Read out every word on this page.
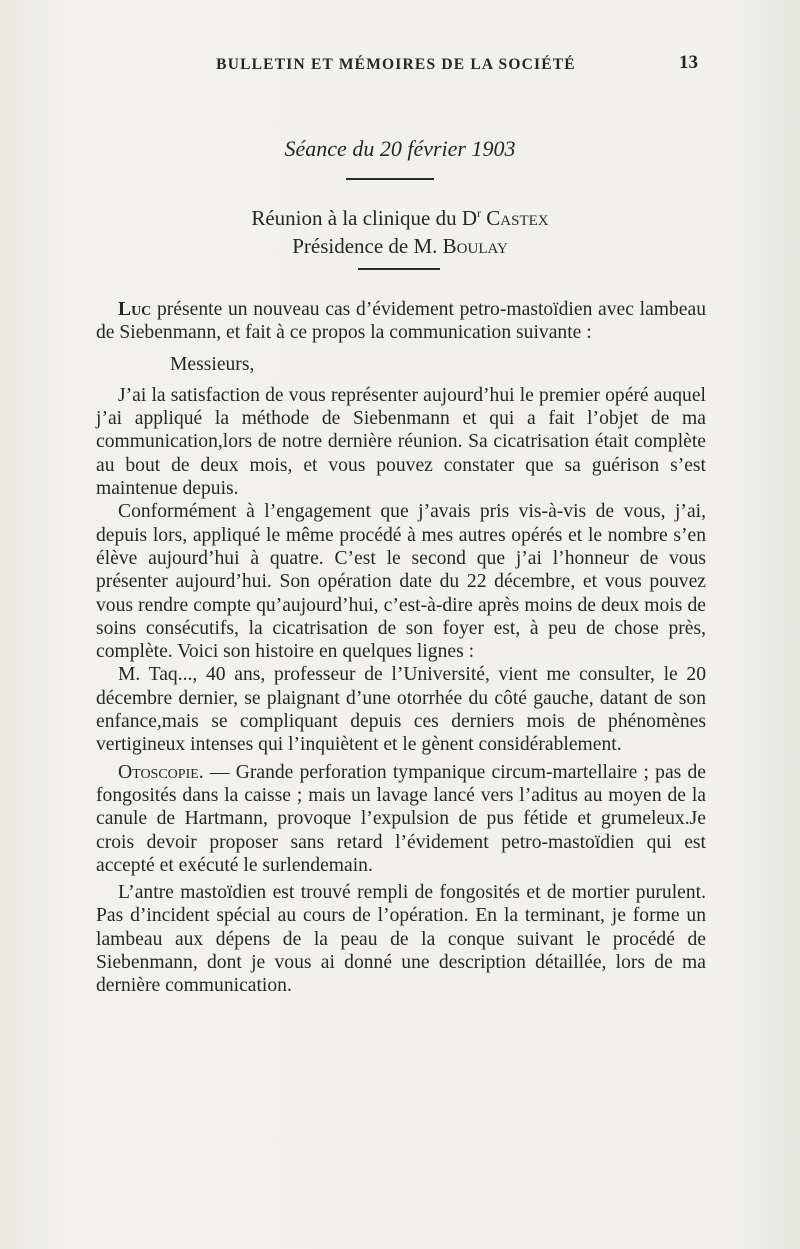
BULLETIN ET MÉMOIRES DE LA SOCIÉTÉ	13
Séance du 20 février 1903
Réunion à la clinique du $D^r$ Castex
Présidence de M. Boulay

Luc présente un nouveau cas d’évidement petro-mastoïdien avec lambeau de Siebenmann, et fait à ce propos la communication suivante :

Messieurs,

J’ai la satisfaction de vous représenter aujourd’hui le premier opéré auquel j’ai appliqué la méthode de Siebenmann et qui a fait l’objet de ma communication,lors de notre dernière réunion. Sa cicatrisation était complète au bout de deux mois, et vous pouvez constater que sa guérison s’est maintenue depuis.

Conformément à l’engagement que j’avais pris vis-à-vis de vous, j’ai, depuis lors, appliqué le même procédé à mes autres opérés et le nombre s’en élève aujourd’hui à quatre. C’est le second que j’ai l’honneur de vous présenter aujourd’hui. Son opération date du 22 décembre, et vous pouvez vous rendre compte qu’aujourd’hui, c’est-à-dire après moins de deux mois de soins consécutifs, la cicatrisation de son foyer est, à peu de chose près, complète. Voici son histoire en quelques lignes :

M. Taq..., 40 ans, professeur de l’Université, vient me consulter, le 20 décembre dernier, se plaignant d’une otorrhée du côté gauche, datant de son enfance,mais se compliquant depuis ces derniers mois de phénomènes vertigineux intenses qui l’inquiètent et le gènent considérablement.

Otoscopie. — Grande perforation tympanique circum-martellaire ; pas de fongosités dans la caisse ; mais un lavage lancé vers l’aditus au moyen de la canule de Hartmann, provoque l’expulsion de pus fétide et grumeleux.Je crois devoir proposer sans retard l’évidement petro-mastoïdien qui est accepté et exécuté le surlendemain.

L’antre mastoïdien est trouvé rempli de fongosités et de mortier purulent. Pas d’incident spécial au cours de l’opération. En la terminant, je forme un lambeau aux dépens de la peau de la conque suivant le procédé de Siebenmann, dont je vous ai donné une description détaillée, lors de ma dernière communication.
